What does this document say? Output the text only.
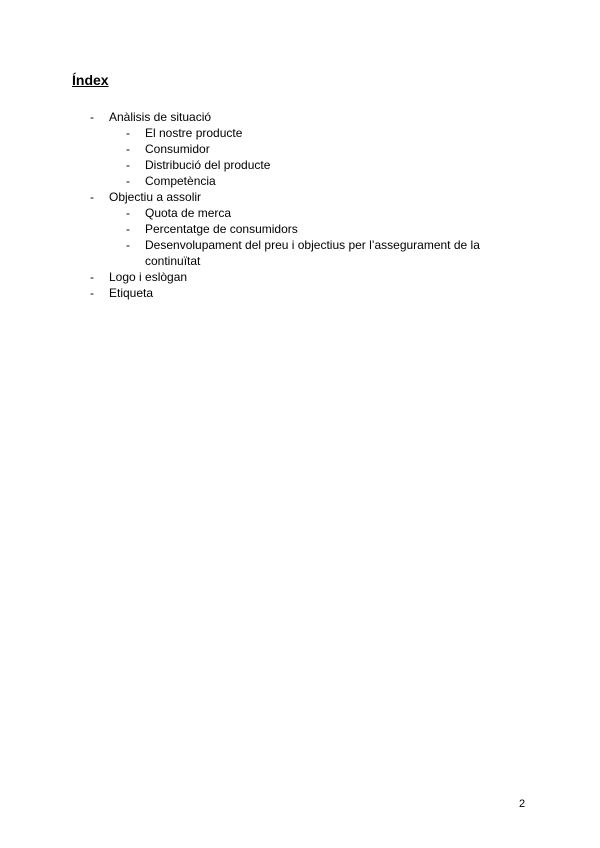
Índex
- Anàlisis de situació
- El nostre producte
- Consumidor
- Distribució del producte
- Competència
- Objectiu a assolir
- Quota de merca
- Percentatge de consumidors
- Desenvolupament del preu i objectius per l’assegurament de la continuïtat
- Logo i eslògan
- Etiqueta
2
